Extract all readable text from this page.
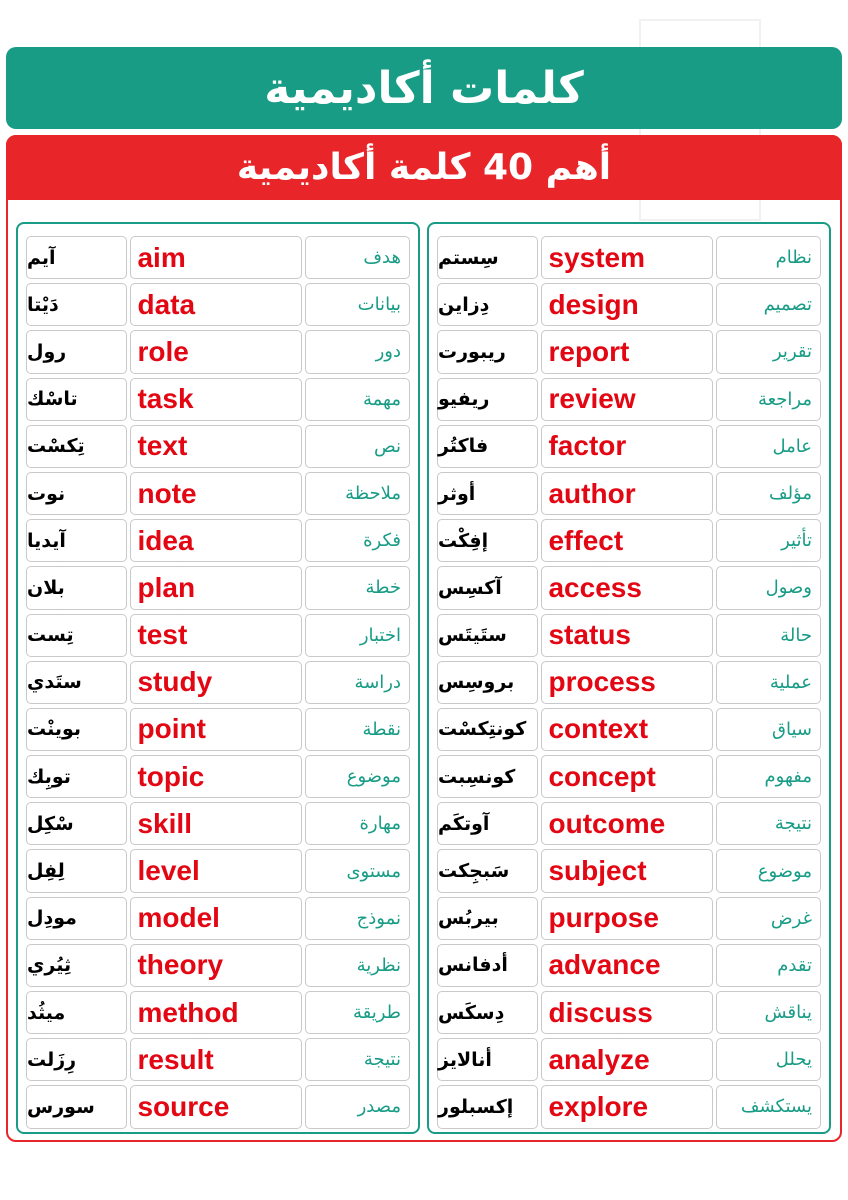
كلمات أكاديمية
أهم 40 كلمة أكاديمية
سِستم	system	نظام
دِزاين	design	تصميم
ريبورت	report	تقرير
ريفيو	review	مراجعة
فاكتُر	factor	عامل
أوثر	author	مؤلف
إفِكْت	effect	تأثير
آكسِس	access	وصول
ستَيتَس	status	حالة
بروسِس	process	عملية
كونتِكسْت context	سياق
كونسِبت	concept	مفهوم
آوتكَم	outcome	نتيجة
سَبجِكت	subject	موضوع
بيربُس	purpose	غرض
أدفانس	advance	تقدم
دِسكَس	discuss	يناقش
أنالايز	analyze	يحلل
إكسبلور	explore	يستكشف
آيم	aim	هدف
دَيْتا	data	بيانات
رول	role	دور
تاسْك	task	مهمة
تِكسْت	text	نص
نوت	note	ملاحظة
آيديا	idea	فكرة
بلان	plan	خطة
تِست	test	اختبار
ستَدي	study	دراسة
بوينْت	point	نقطة
توبِك	topic	موضوع
سْكِل	skill	مهارة
لِفِل	level	مستوى
مودِل	model	نموذج
ثِيُري	theory	نظرية
ميثُد	method	طريقة
رِزَلت	result	نتيجة
سورس	source	مصدر
